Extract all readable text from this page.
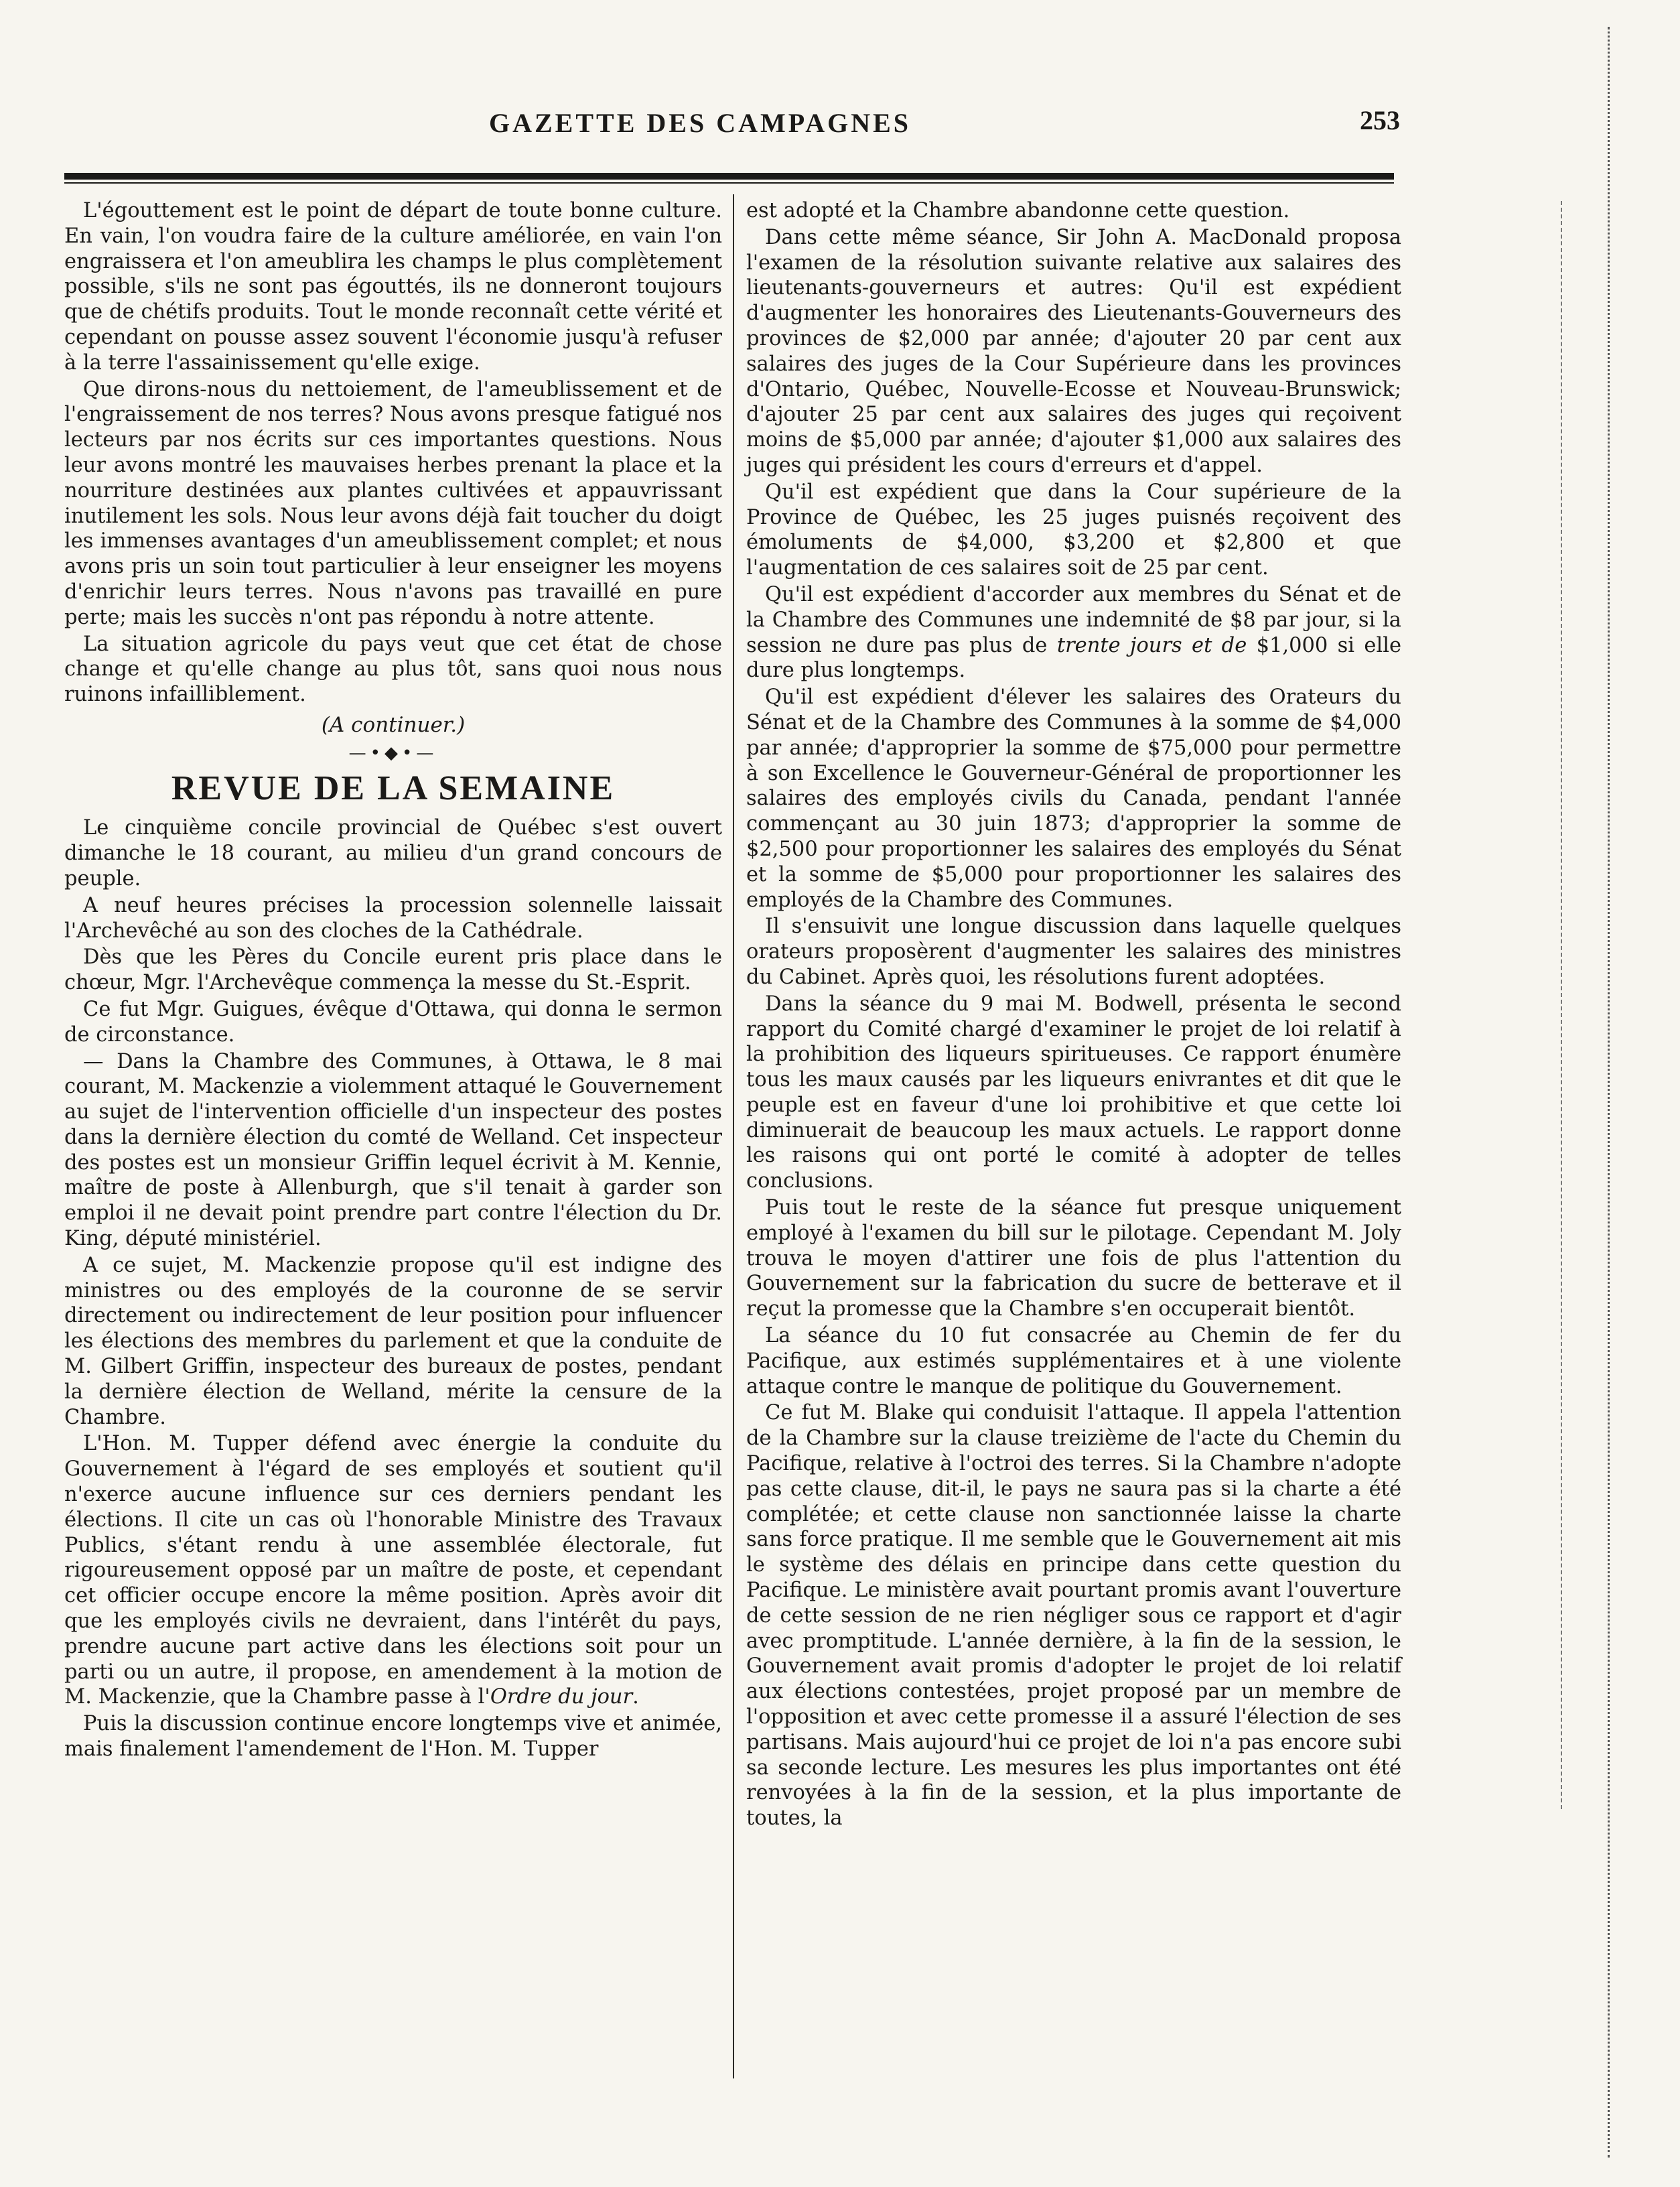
GAZETTE DES CAMPAGNES	253

L'égouttement est le point de départ de toute bonne culture. En vain, l'on voudra faire de la culture améliorée, en vain l'on engraissera et l'on ameublira les champs le plus complètement possible, s'ils ne sont pas égouttés, ils ne donneront toujours que de chétifs produits. Tout le monde reconnaît cette vérité et cependant on pousse assez souvent l'économie jusqu'à refuser à la terre l'assainissement qu'elle exige.

Que dirons-nous du nettoiement, de l'ameublissement et de l'engraissement de nos terres? Nous avons presque fatigué nos lecteurs par nos écrits sur ces importantes questions. Nous leur avons montré les mauvaises herbes prenant la place et la nourriture destinées aux plantes cultivées et appauvrissant inutilement les sols. Nous leur avons déjà fait toucher du doigt les immenses avantages d'un ameublissement complet; et nous avons pris un soin tout particulier à leur enseigner les moyens d'enrichir leurs terres. Nous n'avons pas travaillé en pure perte; mais les succès n'ont pas répondu à notre attente.

La situation agricole du pays veut que cet état de chose change et qu'elle change au plus tôt, sans quoi nous nous ruinons infailliblement.

(A continuer.)
—•◆•—
REVUE DE LA SEMAINE

Le cinquième concile provincial de Québec s'est ouvert dimanche le 18 courant, au milieu d'un grand concours de peuple.

A neuf heures précises la procession solennelle laissait l'Archevêché au son des cloches de la Cathédrale.

Dès que les Pères du Concile eurent pris place dans le chœur, Mgr. l'Archevêque commença la messe du St.-Esprit.

Ce fut Mgr. Guigues, évêque d'Ottawa, qui donna le sermon de circonstance.

— Dans la Chambre des Communes, à Ottawa, le 8 mai courant, M. Mackenzie a violemment attaqué le Gouvernement au sujet de l'intervention officielle d'un inspecteur des postes dans la dernière élection du comté de Welland. Cet inspecteur des postes est un monsieur Griffin lequel écrivit à M. Kennie, maître de poste à Allenburgh, que s'il tenait à garder son emploi il ne devait point prendre part contre l'élection du Dr. King, député ministériel.

A ce sujet, M. Mackenzie propose qu'il est indigne des ministres ou des employés de la couronne de se servir directement ou indirectement de leur position pour influencer les élections des membres du parlement et que la conduite de M. Gilbert Griffin, inspecteur des bureaux de postes, pendant la dernière élection de Welland, mérite la censure de la Chambre.

L'Hon. M. Tupper défend avec énergie la conduite du Gouvernement à l'égard de ses employés et soutient qu'il n'exerce aucune influence sur ces derniers pendant les élections. Il cite un cas où l'honorable Ministre des Travaux Publics, s'étant rendu à une assemblée électorale, fut rigoureusement opposé par un maître de poste, et cependant cet officier occupe encore la même position. Après avoir dit que les employés civils ne devraient, dans l'intérêt du pays, prendre aucune part active dans les élections soit pour un parti ou un autre, il propose, en amendement à la motion de M. Mackenzie, que la Chambre passe à l'Ordre du jour.

Puis la discussion continue encore longtemps vive et animée, mais finalement l'amendement de l'Hon. M. Tupper

est adopté et la Chambre abandonne cette question.

Dans cette même séance, Sir John A. MacDonald proposa l'examen de la résolution suivante relative aux salaires des lieutenants-gouverneurs et autres: Qu'il est expédient d'augmenter les honoraires des Lieutenants-Gouverneurs des provinces de $2,000 par année; d'ajouter 20 par cent aux salaires des juges de la Cour Supérieure dans les provinces d'Ontario, Québec, Nouvelle-Ecosse et Nouveau-Brunswick; d'ajouter 25 par cent aux salaires des juges qui reçoivent moins de $5,000 par année; d'ajouter $1,000 aux salaires des juges qui président les cours d'erreurs et d'appel.

Qu'il est expédient que dans la Cour supérieure de la Province de Québec, les 25 juges puisnés reçoivent des émoluments de $4,000, $3,200 et $2,800 et que l'augmentation de ces salaires soit de 25 par cent.

Qu'il est expédient d'accorder aux membres du Sénat et de la Chambre des Communes une indemnité de $8 par jour, si la session ne dure pas plus de trente jours et de $1,000 si elle dure plus longtemps.

Qu'il est expédient d'élever les salaires des Orateurs du Sénat et de la Chambre des Communes à la somme de $4,000 par année; d'approprier la somme de $75,000 pour permettre à son Excellence le Gouverneur-Général de proportionner les salaires des employés civils du Canada, pendant l'année commençant au 30 juin 1873; d'approprier la somme de $2,500 pour proportionner les salaires des employés du Sénat et la somme de $5,000 pour proportionner les salaires des employés de la Chambre des Communes.

Il s'ensuivit une longue discussion dans laquelle quelques orateurs proposèrent d'augmenter les salaires des ministres du Cabinet. Après quoi, les résolutions furent adoptées.

Dans la séance du 9 mai M. Bodwell, présenta le second rapport du Comité chargé d'examiner le projet de loi relatif à la prohibition des liqueurs spiritueuses. Ce rapport énumère tous les maux causés par les liqueurs enivrantes et dit que le peuple est en faveur d'une loi prohibitive et que cette loi diminuerait de beaucoup les maux actuels. Le rapport donne les raisons qui ont porté le comité à adopter de telles conclusions.

Puis tout le reste de la séance fut presque uniquement employé à l'examen du bill sur le pilotage. Cependant M. Joly trouva le moyen d'attirer une fois de plus l'attention du Gouvernement sur la fabrication du sucre de betterave et il reçut la promesse que la Chambre s'en occuperait bientôt.

La séance du 10 fut consacrée au Chemin de fer du Pacifique, aux estimés supplémentaires et à une violente attaque contre le manque de politique du Gouvernement.

Ce fut M. Blake qui conduisit l'attaque. Il appela l'attention de la Chambre sur la clause treizième de l'acte du Chemin du Pacifique, relative à l'octroi des terres. Si la Chambre n'adopte pas cette clause, dit-il, le pays ne saura pas si la charte a été complétée; et cette clause non sanctionnée laisse la charte sans force pratique. Il me semble que le Gouvernement ait mis le système des délais en principe dans cette question du Pacifique. Le ministère avait pourtant promis avant l'ouverture de cette session de ne rien négliger sous ce rapport et d'agir avec promptitude. L'année dernière, à la fin de la session, le Gouvernement avait promis d'adopter le projet de loi relatif aux élections contestées, projet proposé par un membre de l'opposition et avec cette promesse il a assuré l'élection de ses partisans. Mais aujourd'hui ce projet de loi n'a pas encore subi sa seconde lecture. Les mesures les plus importantes ont été renvoyées à la fin de la session, et la plus importante de toutes, la
